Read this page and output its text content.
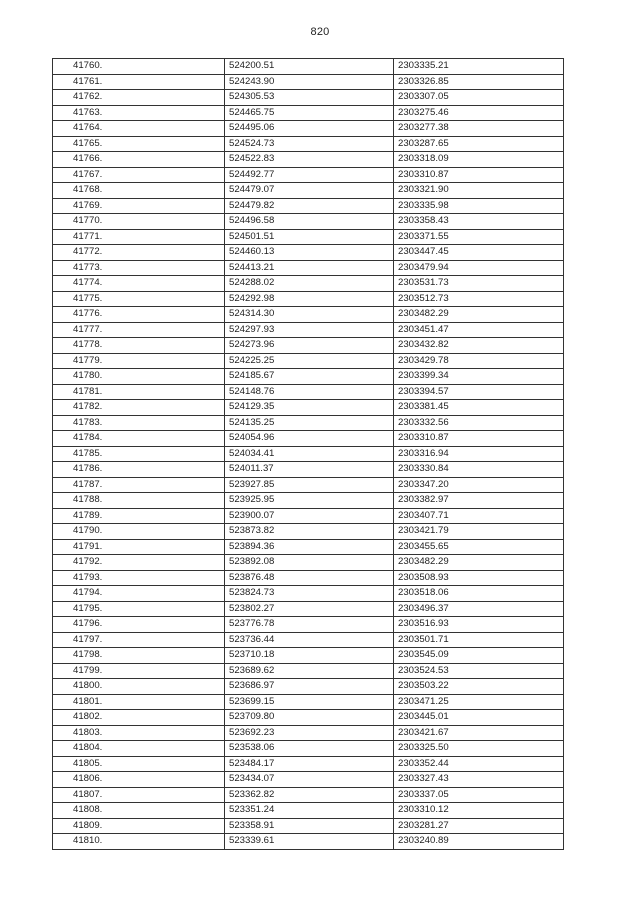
820
41760.	524200.51	2303335.21
41761.	524243.90	2303326.85
41762.	524305.53	2303307.05
41763.	524465.75	2303275.46
41764.	524495.06	2303277.38
41765.	524524.73	2303287.65
41766.	524522.83	2303318.09
41767.	524492.77	2303310.87
41768.	524479.07	2303321.90
41769.	524479.82	2303335.98
41770.	524496.58	2303358.43
41771.	524501.51	2303371.55
41772.	524460.13	2303447.45
41773.	524413.21	2303479.94
41774.	524288.02	2303531.73
41775.	524292.98	2303512.73
41776.	524314.30	2303482.29
41777.	524297.93	2303451.47
41778.	524273.96	2303432.82
41779.	524225.25	2303429.78
41780.	524185.67	2303399.34
41781.	524148.76	2303394.57
41782.	524129.35	2303381.45
41783.	524135.25	2303332.56
41784.	524054.96	2303310.87
41785.	524034.41	2303316.94
41786.	524011.37	2303330.84
41787.	523927.85	2303347.20
41788.	523925.95	2303382.97
41789.	523900.07	2303407.71
41790.	523873.82	2303421.79
41791.	523894.36	2303455.65
41792.	523892.08	2303482.29
41793.	523876.48	2303508.93
41794.	523824.73	2303518.06
41795.	523802.27	2303496.37
41796.	523776.78	2303516.93
41797.	523736.44	2303501.71
41798.	523710.18	2303545.09
41799.	523689.62	2303524.53
41800.	523686.97	2303503.22
41801.	523699.15	2303471.25
41802.	523709.80	2303445.01
41803.	523692.23	2303421.67
41804.	523538.06	2303325.50
41805.	523484.17	2303352.44
41806.	523434.07	2303327.43
41807.	523362.82	2303337.05
41808.	523351.24	2303310.12
41809.	523358.91	2303281.27
41810.	523339.61	2303240.89
